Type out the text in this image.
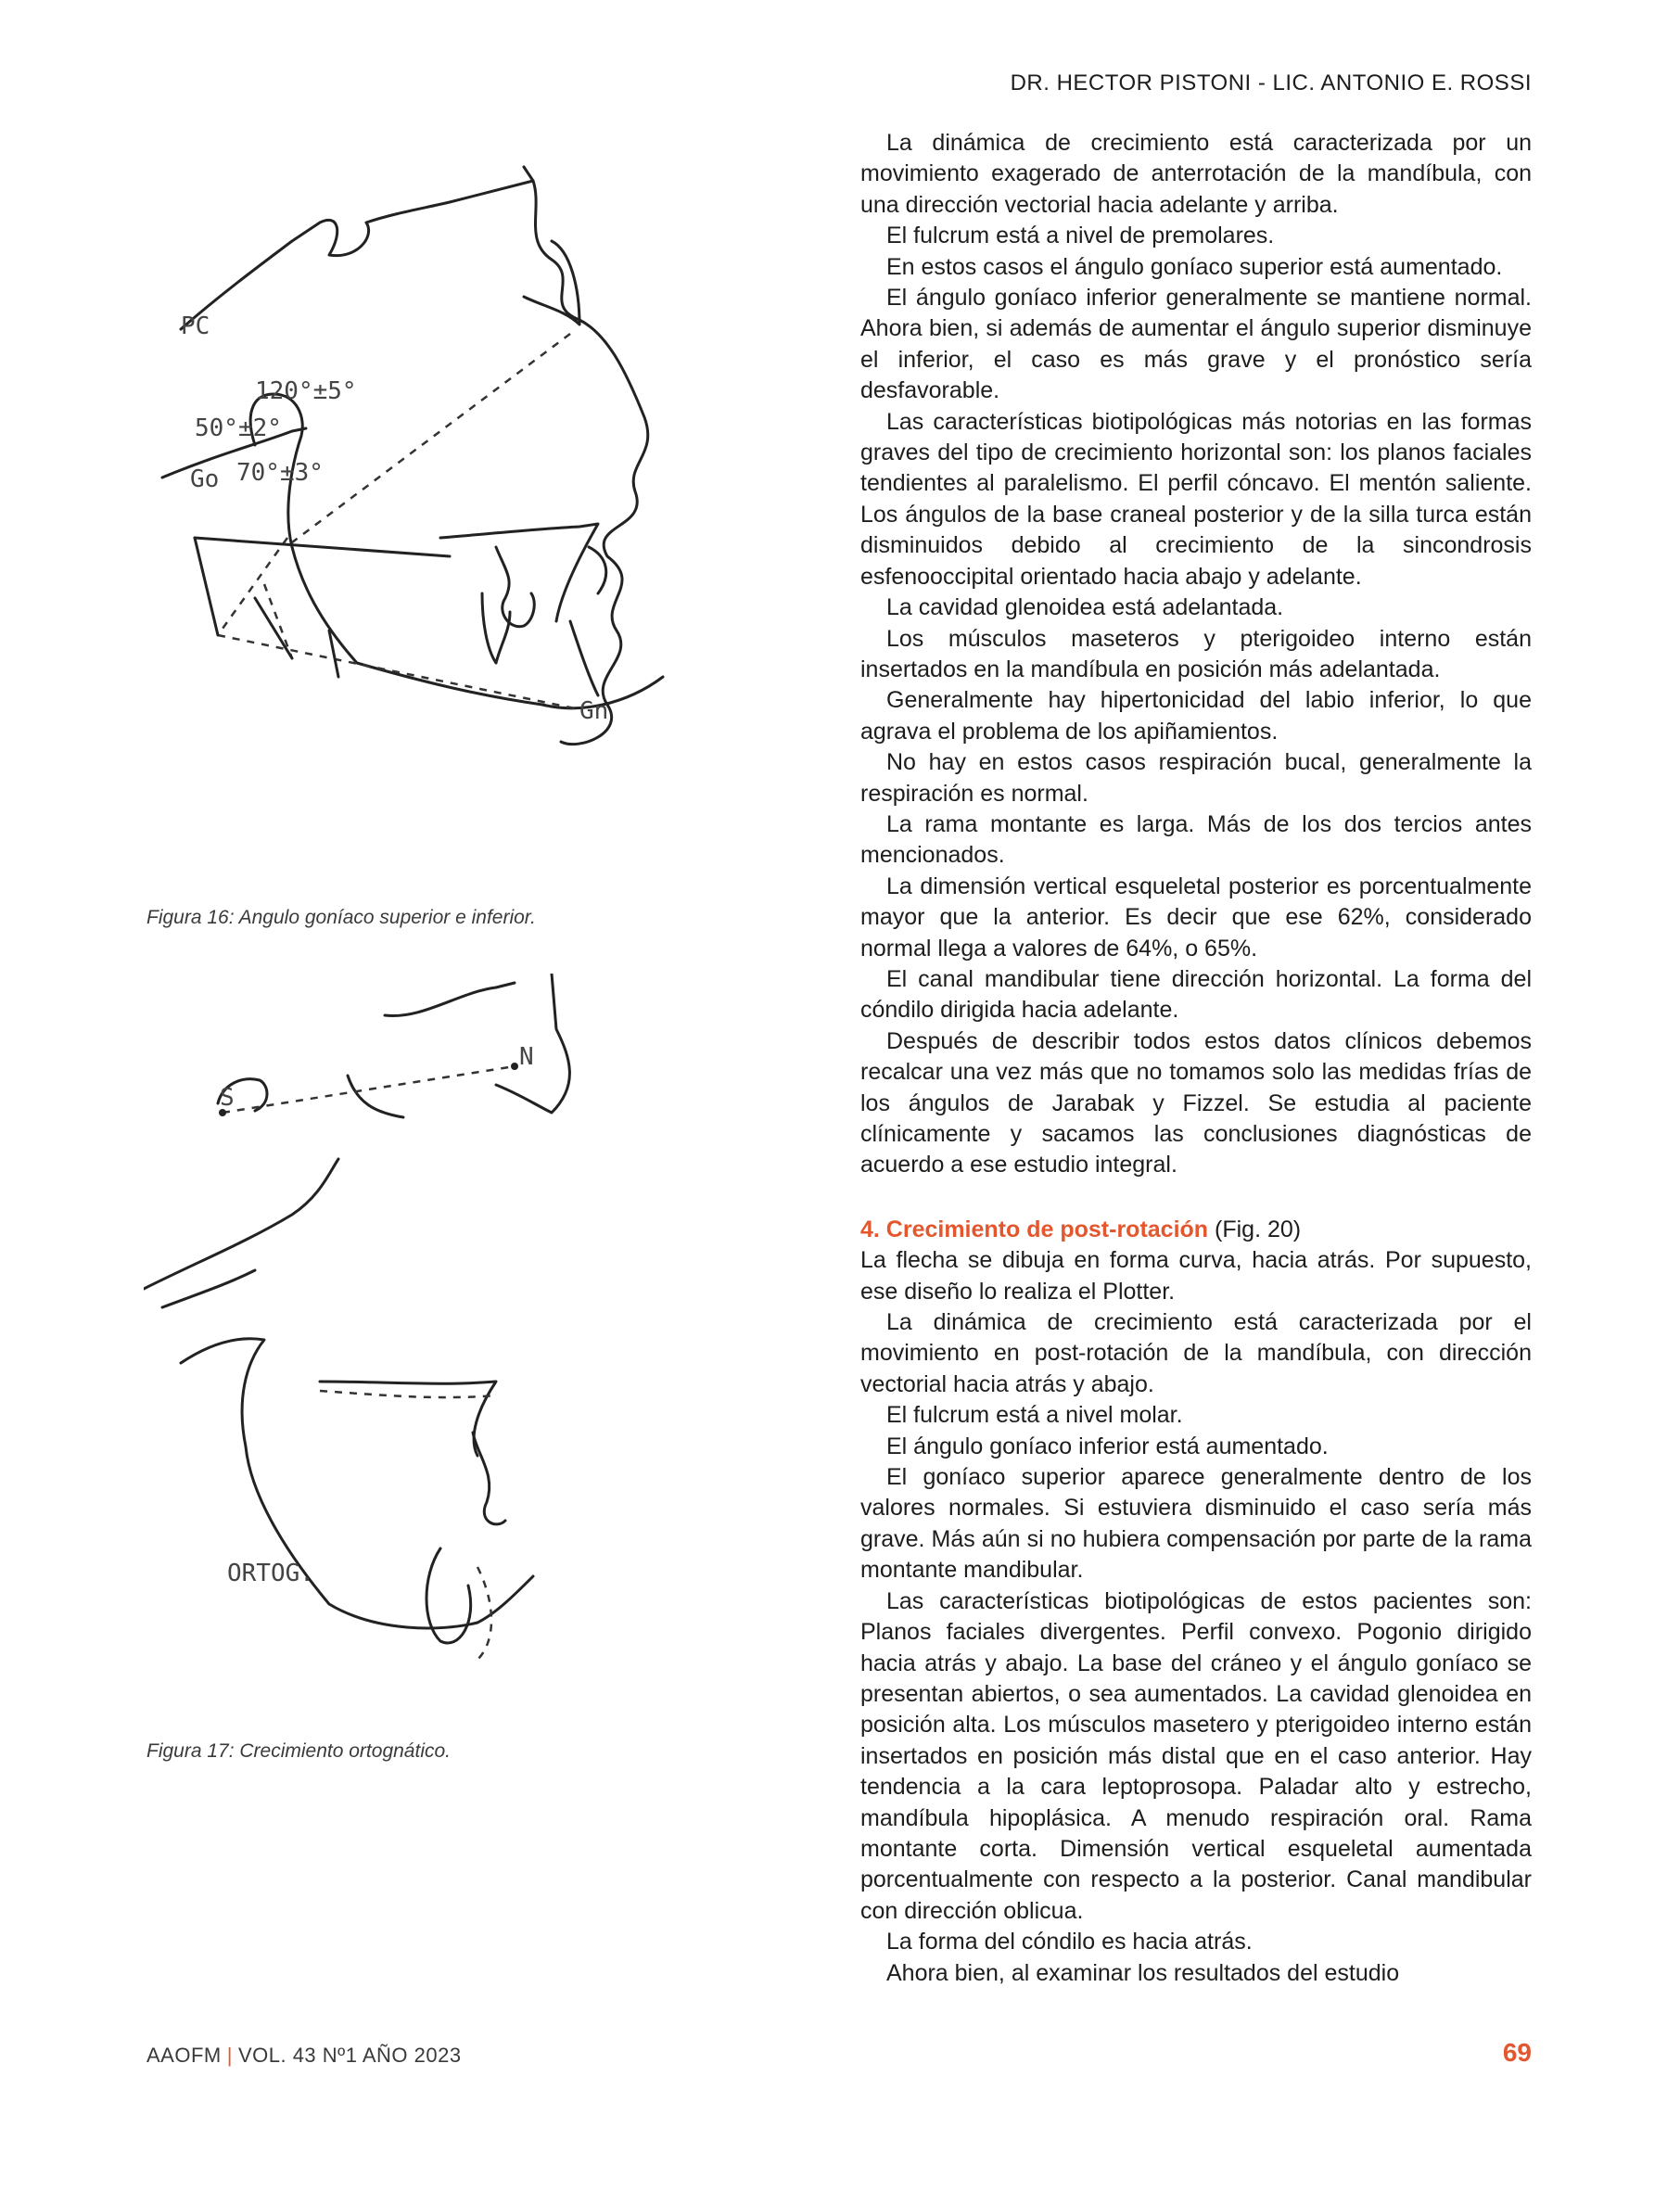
DR. HECTOR PISTONI - LIC. ANTONIO E. ROSSI
PC
120°±5°
50°±2°
70°±3°
Go
Gn
Figura 16: Angulo goníaco superior e inferior.
S
N
ORTOG.
Figura 17: Crecimiento ortognático.

La dinámica de crecimiento está caracterizada por un movimiento exagerado de anterrotación de la mandíbula, con una dirección vectorial hacia adelante y arriba.

El fulcrum está a nivel de premolares.

En estos casos el ángulo goníaco superior está aumentado.

El ángulo goníaco inferior generalmente se mantiene normal. Ahora bien, si además de aumentar el ángulo superior disminuye el inferior, el caso es más grave y el pronóstico sería desfavorable.

Las características biotipológicas más notorias en las formas graves del tipo de crecimiento horizontal son: los planos faciales tendientes al paralelismo. El perfil cóncavo. El mentón saliente. Los ángulos de la base craneal posterior y de la silla turca están disminuidos debido al crecimiento de la sincondrosis esfenooccipital orientado hacia abajo y adelante.

La cavidad glenoidea está adelantada.

Los músculos maseteros y pterigoideo interno están insertados en la mandíbula en posición más adelantada.

Generalmente hay hipertonicidad del labio inferior, lo que agrava el problema de los apiñamientos.

No hay en estos casos respiración bucal, generalmente la respiración es normal.

La rama montante es larga. Más de los dos tercios antes mencionados.

La dimensión vertical esqueletal posterior es porcentualmente mayor que la anterior. Es decir que ese 62%, considerado normal llega a valores de 64%, o 65%.

El canal mandibular tiene dirección horizontal. La forma del cóndilo dirigida hacia adelante.

Después de describir todos estos datos clínicos debemos recalcar una vez más que no tomamos solo las medidas frías de los ángulos de Jarabak y Fizzel. Se estudia al paciente clínicamente y sacamos las conclusiones diagnósticas de acuerdo a ese estudio integral.

4. Crecimiento de post-rotación (Fig. 20)

La flecha se dibuja en forma curva, hacia atrás. Por supuesto, ese diseño lo realiza el Plotter.

La dinámica de crecimiento está caracterizada por el movimiento en post-rotación de la mandíbula, con dirección vectorial hacia atrás y abajo.

El fulcrum está a nivel molar.

El ángulo goníaco inferior está aumentado.

El goníaco superior aparece generalmente dentro de los valores normales. Si estuviera disminuido el caso sería más grave. Más aún si no hubiera compensación por parte de la rama montante mandibular.

Las características biotipológicas de estos pacientes son: Planos faciales divergentes. Perfil convexo. Pogonio dirigido hacia atrás y abajo. La base del cráneo y el ángulo goníaco se presentan abiertos, o sea aumentados. La cavidad glenoidea en posición alta. Los músculos masetero y pterigoideo interno están insertados en posición más distal que en el caso anterior. Hay tendencia a la cara leptoprosopa. Paladar alto y estrecho, mandíbula hipoplásica. A menudo respiración oral. Rama montante corta. Dimensión vertical esqueletal aumentada porcentualmente con respecto a la posterior. Canal mandibular con dirección oblicua.

La forma del cóndilo es hacia atrás.

Ahora bien, al examinar los resultados del estudio

AAOFM | VOL. 43 Nº1 AÑO 2023	69
